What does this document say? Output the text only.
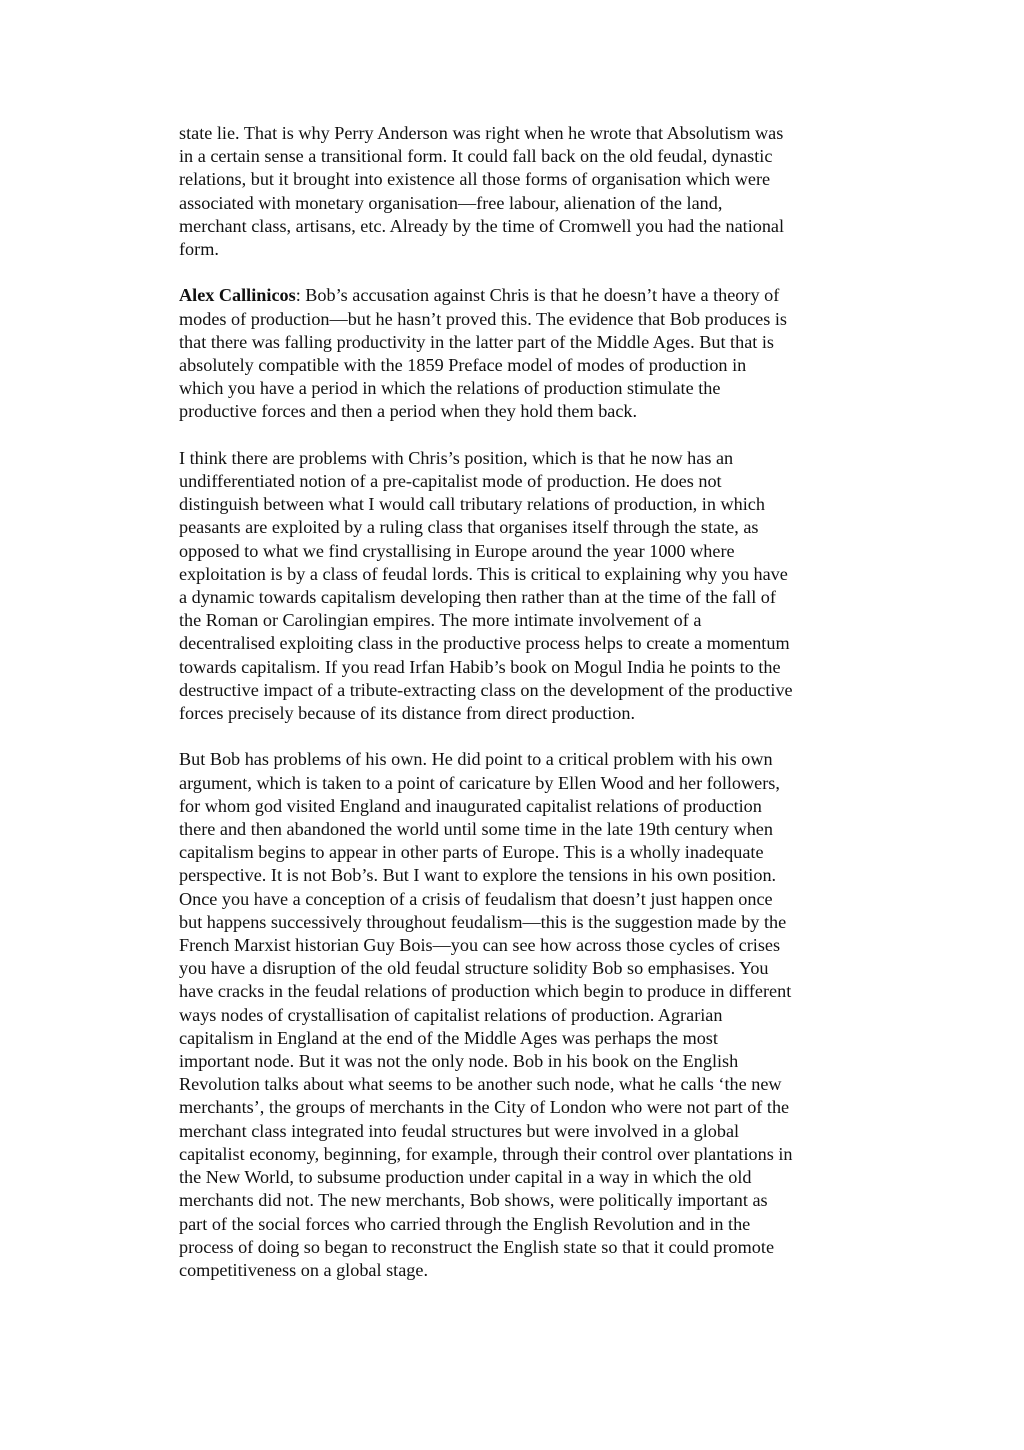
state lie. That is why Perry Anderson was right when he wrote that Absolutism was
in a certain sense a transitional form. It could fall back on the old feudal, dynastic
relations, but it brought into existence all those forms of organisation which were
associated with monetary organisation—free labour, alienation of the land,
merchant class, artisans, etc. Already by the time of Cromwell you had the national
form.

Alex Callinicos: Bob’s accusation against Chris is that he doesn’t have a theory of
modes of production—but he hasn’t proved this. The evidence that Bob produces is
that there was falling productivity in the latter part of the Middle Ages. But that is
absolutely compatible with the 1859 Preface model of modes of production in
which you have a period in which the relations of production stimulate the
productive forces and then a period when they hold them back.

I think there are problems with Chris’s position, which is that he now has an
undifferentiated notion of a pre-capitalist mode of production. He does not
distinguish between what I would call tributary relations of production, in which
peasants are exploited by a ruling class that organises itself through the state, as
opposed to what we find crystallising in Europe around the year 1000 where
exploitation is by a class of feudal lords. This is critical to explaining why you have
a dynamic towards capitalism developing then rather than at the time of the fall of
the Roman or Carolingian empires. The more intimate involvement of a
decentralised exploiting class in the productive process helps to create a momentum
towards capitalism. If you read Irfan Habib’s book on Mogul India he points to the
destructive impact of a tribute-extracting class on the development of the productive
forces precisely because of its distance from direct production.

But Bob has problems of his own. He did point to a critical problem with his own
argument, which is taken to a point of caricature by Ellen Wood and her followers,
for whom god visited England and inaugurated capitalist relations of production
there and then abandoned the world until some time in the late 19th century when
capitalism begins to appear in other parts of Europe. This is a wholly inadequate
perspective. It is not Bob’s. But I want to explore the tensions in his own position.
Once you have a conception of a crisis of feudalism that doesn’t just happen once
but happens successively throughout feudalism—this is the suggestion made by the
French Marxist historian Guy Bois—you can see how across those cycles of crises
you have a disruption of the old feudal structure solidity Bob so emphasises. You
have cracks in the feudal relations of production which begin to produce in different
ways nodes of crystallisation of capitalist relations of production. Agrarian
capitalism in England at the end of the Middle Ages was perhaps the most
important node. But it was not the only node. Bob in his book on the English
Revolution talks about what seems to be another such node, what he calls ‘the new
merchants’, the groups of merchants in the City of London who were not part of the
merchant class integrated into feudal structures but were involved in a global
capitalist economy, beginning, for example, through their control over plantations in
the New World, to subsume production under capital in a way in which the old
merchants did not. The new merchants, Bob shows, were politically important as
part of the social forces who carried through the English Revolution and in the
process of doing so began to reconstruct the English state so that it could promote
competitiveness on a global stage.
